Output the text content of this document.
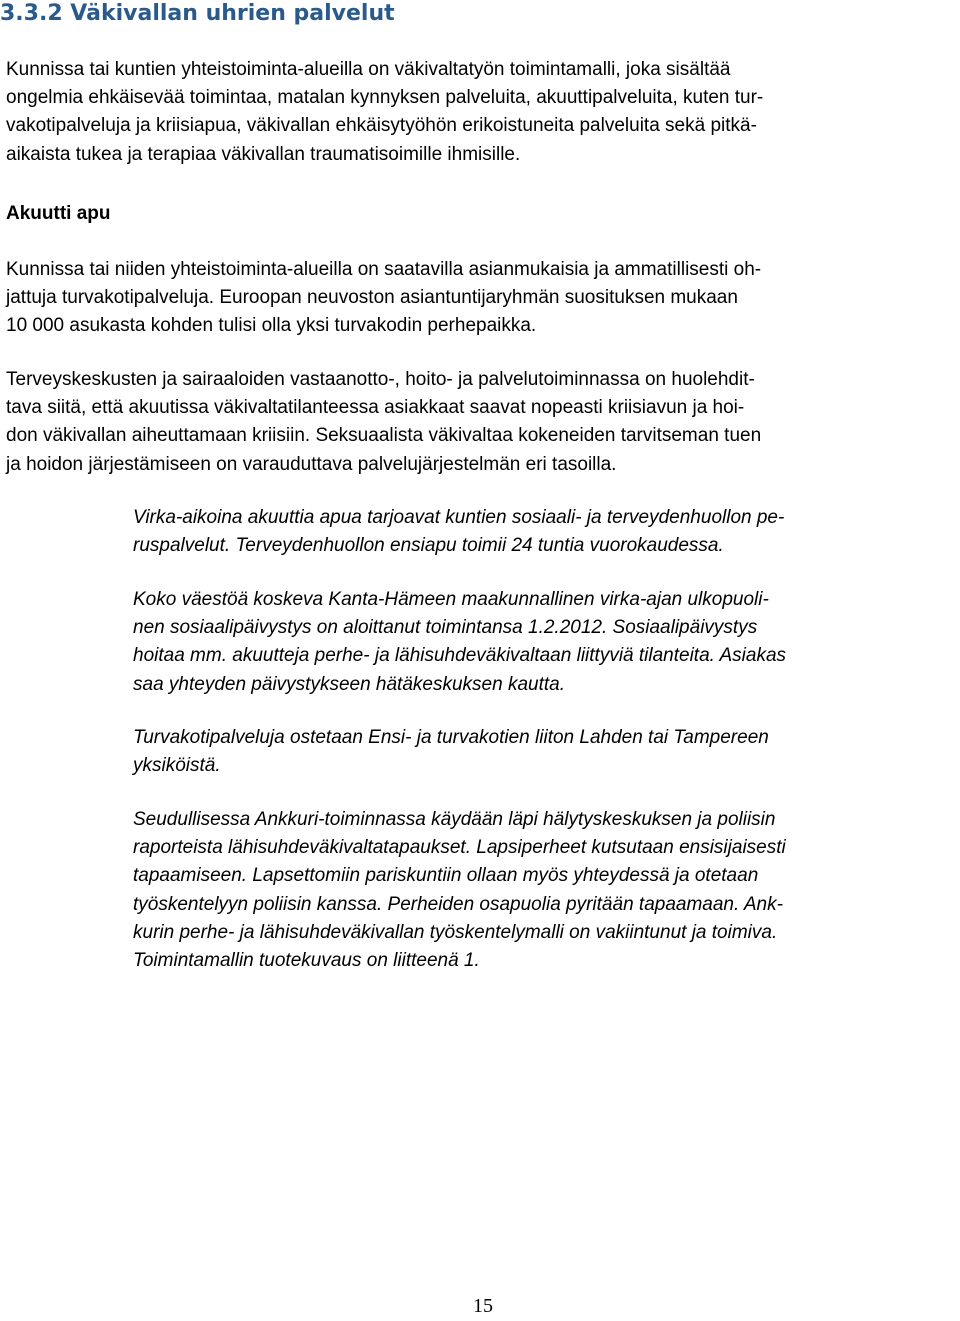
3.3.2 Väkivallan uhrien palvelut

Kunnissa tai kuntien yhteistoiminta-alueilla on väkivaltatyön toimintamalli, joka sisältää
ongelmia ehkäisevää toimintaa, matalan kynnyksen palveluita, akuuttipalveluita, kuten tur-
vakotipalveluja ja kriisiapua, väkivallan ehkäisytyöhön erikoistuneita palveluita sekä pitkä-
aikaista tukea ja terapiaa väkivallan traumatisoimille ihmisille.

Akuutti apu

Kunnissa tai niiden yhteistoiminta-alueilla on saatavilla asianmukaisia ja ammatillisesti oh-
jattuja turvakotipalveluja. Euroopan neuvoston asiantuntijaryhmän suosituksen mukaan
10 000 asukasta kohden tulisi olla yksi turvakodin perhepaikka.

Terveyskeskusten ja sairaaloiden vastaanotto-, hoito- ja palvelutoiminnassa on huolehdit-
tava siitä, että akuutissa väkivaltatilanteessa asiakkaat saavat nopeasti kriisiavun ja hoi-
don väkivallan aiheuttamaan kriisiin. Seksuaalista väkivaltaa kokeneiden tarvitseman tuen
ja hoidon järjestämiseen on varauduttava palvelujärjestelmän eri tasoilla.

Virka-aikoina akuuttia apua tarjoavat kuntien sosiaali- ja terveydenhuollon pe-
ruspalvelut. Terveydenhuollon ensiapu toimii 24 tuntia vuorokaudessa.

Koko väestöä koskeva Kanta-Hämeen maakunnallinen virka-ajan ulkopuoli-
nen sosiaalipäivystys on aloittanut toimintansa 1.2.2012. Sosiaalipäivystys
hoitaa mm. akuutteja perhe- ja lähisuhdeväkivaltaan liittyviä tilanteita. Asiakas
saa yhteyden päivystykseen hätäkeskuksen kautta.

Turvakotipalveluja ostetaan Ensi- ja turvakotien liiton Lahden tai Tampereen
yksiköistä.

Seudullisessa Ankkuri-toiminnassa käydään läpi hälytyskeskuksen ja poliisin
raporteista lähisuhdeväkivaltatapaukset. Lapsiperheet kutsutaan ensisijaisesti
tapaamiseen. Lapsettomiin pariskuntiin ollaan myös yhteydessä ja otetaan
työskentelyyn poliisin kanssa. Perheiden osapuolia pyritään tapaamaan. Ank-
kurin perhe- ja lähisuhdeväkivallan työskentelymalli on vakiintunut ja toimiva.
Toimintamallin tuotekuvaus on liitteenä 1.

15
